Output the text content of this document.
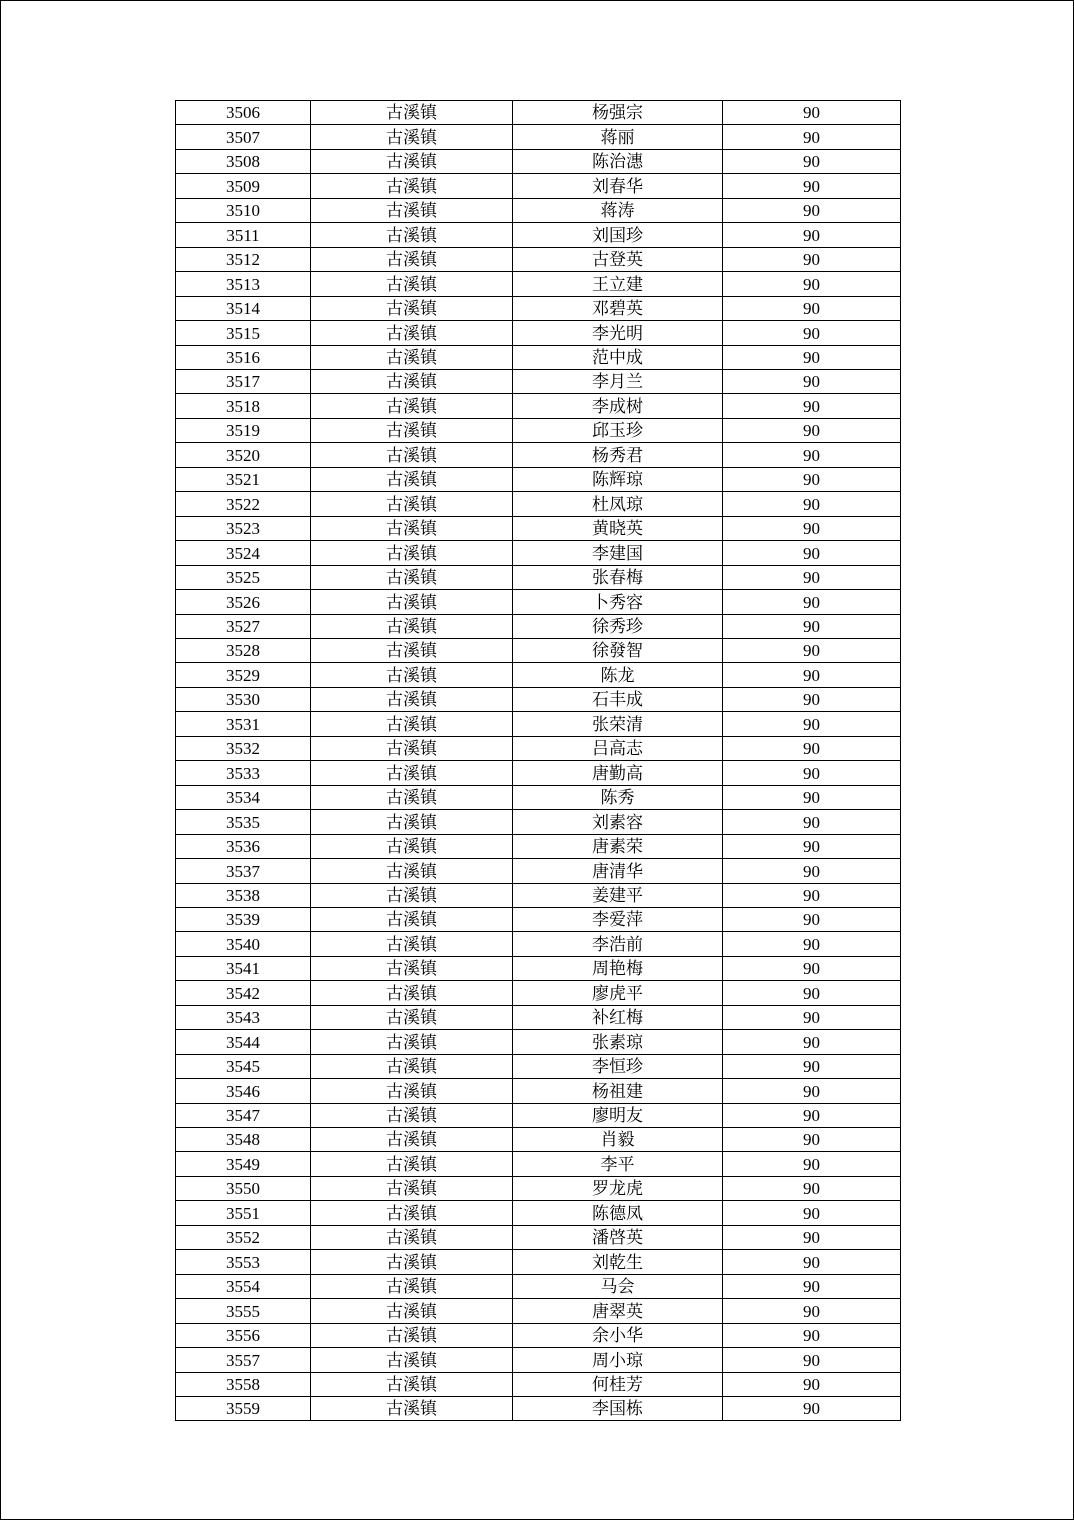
3506	古溪镇	杨强宗	90
3507	古溪镇	蒋丽	90
3508	古溪镇	陈治潓	90
3509	古溪镇	刘春华	90
3510	古溪镇	蒋涛	90
3511	古溪镇	刘国珍	90
3512	古溪镇	古登英	90
3513	古溪镇	王立建	90
3514	古溪镇	邓碧英	90
3515	古溪镇	李光明	90
3516	古溪镇	范中成	90
3517	古溪镇	李月兰	90
3518	古溪镇	李成树	90
3519	古溪镇	邱玉珍	90
3520	古溪镇	杨秀君	90
3521	古溪镇	陈辉琼	90
3522	古溪镇	杜凤琼	90
3523	古溪镇	黄晓英	90
3524	古溪镇	李建国	90
3525	古溪镇	张春梅	90
3526	古溪镇	卜秀容	90
3527	古溪镇	徐秀珍	90
3528	古溪镇	徐發智	90
3529	古溪镇	陈龙	90
3530	古溪镇	石丰成	90
3531	古溪镇	张荣清	90
3532	古溪镇	吕高志	90
3533	古溪镇	唐勤高	90
3534	古溪镇	陈秀	90
3535	古溪镇	刘素容	90
3536	古溪镇	唐素荣	90
3537	古溪镇	唐清华	90
3538	古溪镇	姜建平	90
3539	古溪镇	李爱萍	90
3540	古溪镇	李浩前	90
3541	古溪镇	周艳梅	90
3542	古溪镇	廖虎平	90
3543	古溪镇	补红梅	90
3544	古溪镇	张素琼	90
3545	古溪镇	李恒珍	90
3546	古溪镇	杨祖建	90
3547	古溪镇	廖明友	90
3548	古溪镇	肖毅	90
3549	古溪镇	李平	90
3550	古溪镇	罗龙虎	90
3551	古溪镇	陈德凤	90
3552	古溪镇	潘啓英	90
3553	古溪镇	刘乾生	90
3554	古溪镇	马会	90
3555	古溪镇	唐翠英	90
3556	古溪镇	余小华	90
3557	古溪镇	周小琼	90
3558	古溪镇	何桂芳	90
3559	古溪镇	李国栋	90
